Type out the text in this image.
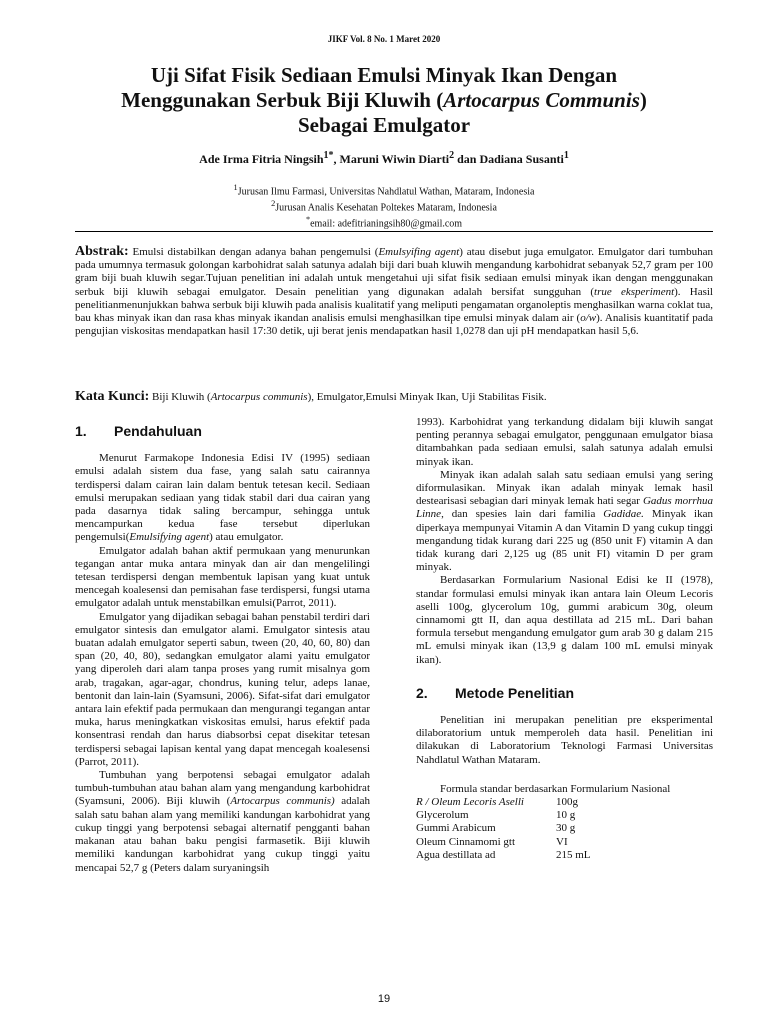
JIKF Vol. 8 No. 1 Maret 2020
Uji Sifat Fisik Sediaan Emulsi Minyak Ikan Dengan
Menggunakan Serbuk Biji Kluwih (Artocarpus Communis)
Sebagai Emulgator
Ade Irma Fitria Ningsih$^{1*}$, Maruni Wiwin Diarti$^2$ dan Dadiana Susanti$^1$
$^1$Jurusan Ilmu Farmasi, Universitas Nahdlatul Wathan, Mataram, Indonesia
$^2$Jurusan Analis Kesehatan Poltekes Mataram, Indonesia
*email: adefitrianingsih80@gmail.com
Abstrak: Emulsi distabilkan dengan adanya bahan pengemulsi (Emulsyifing agent) atau disebut juga emulgator. Emulgator dari tumbuhan pada umumnya termasuk golongan karbohidrat salah satunya adalah biji dari buah kluwih mengandung karbohidrat sebanyak 52,7 gram per 100 gram biji buah kluwih segar.Tujuan penelitian ini adalah untuk mengetahui uji sifat fisik sediaan emulsi minyak ikan dengan menggunakan serbuk biji kluwih sebagai emulgator. Desain penelitian yang digunakan adalah bersifat sungguhan (true eksperiment). Hasil penelitianmenunjukkan bahwa serbuk biji kluwih pada analisis kualitatif yang meliputi pengamatan organoleptis menghasilkan warna coklat tua, bau khas minyak ikan dan rasa khas minyak ikandan analisis emulsi menghasilkan tipe emulsi minyak dalam air (o/w). Analisis kuantitatif pada pengujian viskositas mendapatkan hasil 17:30 detik, uji berat jenis mendapatkan hasil 1,0278 dan uji pH mendapatkan hasil 5,6.
Kata Kunci: Biji Kluwih (Artocarpus communis), Emulgator,Emulsi Minyak Ikan, Uji Stabilitas Fisik.
1.	Pendahuluan

Menurut Farmakope Indonesia Edisi IV (1995) sediaan emulsi adalah sistem dua fase, yang salah satu cairannya terdispersi dalam cairan lain dalam bentuk tetesan kecil. Sediaan emulsi merupakan sediaan yang tidak stabil dari dua cairan yang pada dasarnya tidak saling bercampur, sehingga untuk mencampurkan kedua fase tersebut diperlukan pengemulsi(Emulsifying agent) atau emulgator.

Emulgator adalah bahan aktif permukaan yang menurunkan tegangan antar muka antara minyak dan air dan mengelilingi tetesan terdispersi dengan membentuk lapisan yang kuat untuk mencegah koalesensi dan pemisahan fase terdispersi, fungsi utama emulgator adalah untuk menstabilkan emulsi(Parrot, 2011).

Emulgator yang dijadikan sebagai bahan penstabil terdiri dari emulgator sintesis dan emulgator alami. Emulgator sintesis atau buatan adalah emulgator seperti sabun, tween (20, 40, 60, 80) dan span (20, 40, 80), sedangkan emulgator alami yaitu emulgator yang diperoleh dari alam tanpa proses yang rumit misalnya gom arab, tragakan, agar-agar, chondrus, kuning telur, adeps lanae, bentonit dan lain-lain (Syamsuni, 2006). Sifat-sifat dari emulgator antara lain efektif pada permukaan dan mengurangi tegangan antar muka, harus meningkatkan viskositas emulsi, harus efektif pada konsentrasi rendah dan harus diabsorbsi cepat disekitar tetesan terdispersi sebagai lapisan kental yang dapat mencegah koalesensi (Parrot, 2011).

Tumbuhan yang berpotensi sebagai emulgator adalah tumbuh-tumbuhan atau bahan alam yang mengandung karbohidrat (Syamsuni, 2006). Biji kluwih (Artocarpus communis) adalah salah satu bahan alam yang memiliki kandungan karbohidrat yang cukup tinggi yang berpotensi sebagai alternatif pengganti bahan makanan atau bahan baku pengisi farmasetik. Biji kluwih memiliki kandungan karbohidrat yang cukup tinggi yaitu mencapai 52,7 g (Peters dalam suryaningsih

1993). Karbohidrat yang terkandung didalam biji kluwih sangat penting perannya sebagai emulgator, penggunaan emulgator biasa ditambahkan pada sediaan emulsi, salah satunya adalah emulsi minyak ikan.

Minyak ikan adalah salah satu sediaan emulsi yang sering diformulasikan. Minyak ikan adalah minyak lemak hasil destearisasi sebagian dari minyak lemak hati segar Gadus morrhua Linne, dan spesies lain dari familia Gadidae. Minyak ikan diperkaya mempunyai Vitamin A dan Vitamin D yang cukup tinggi mengandung tidak kurang dari 225 ug (850 unit F) vitamin A dan tidak kurang dari 2,125 ug (85 unit FI) vitamin D per gram minyak.

Berdasarkan Formularium Nasional Edisi ke II (1978), standar formulasi emulsi minyak ikan antara lain Oleum Lecoris aselli 100g, glycerolum 10g, gummi arabicum 30g, oleum cinnamomi gtt II, dan aqua destillata ad 215 mL. Dari bahan formula tersebut mengandung emulgator gum arab 30 g dalam 215 mL emulsi minyak ikan (13,9 g dalam 100 mL emulsi minyak ikan).

2.	Metode Penelitian

Penelitian ini merupakan penelitian pre eksperimental dilaboratorium untuk memperoleh data hasil. Penelitian ini dilakukan di Laboratorium Teknologi Farmasi Universitas Nahdlatul Wathan Mataram.

Formula standar berdasarkan Formularium Nasional

R / Oleum Lecoris Aselli	100g
Glycerolum	10 g
Gummi Arabicum	30 g
Oleum Cinnamomi gtt	VI
Agua destillata ad	215 mL
19
